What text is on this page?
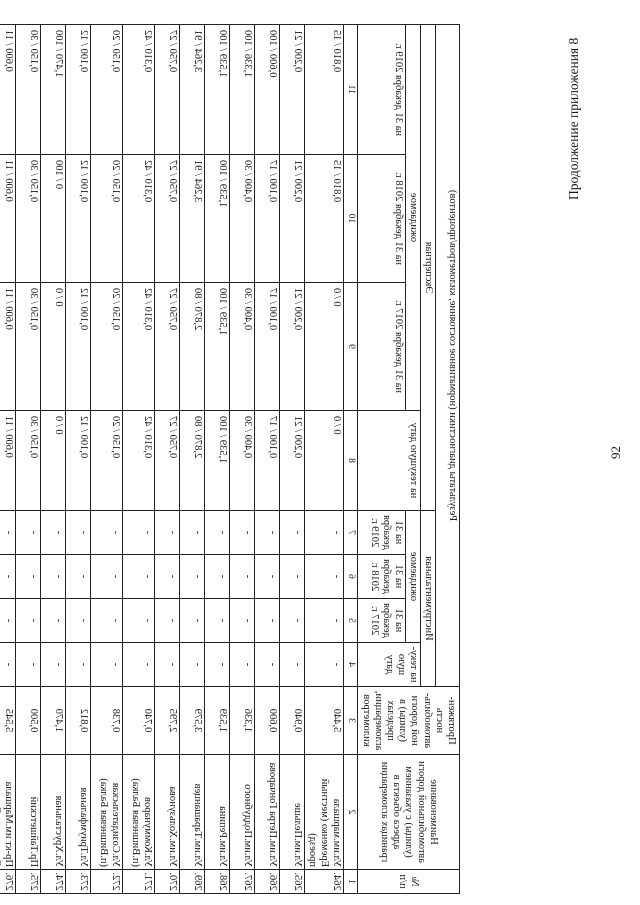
92
Продолжение приложения 8
№ п/п	Наименование автомобильной дороги (улицы) с указанием адреса объекта в границах агломерации	Протяжен-ность автомобиль-ной дороги (улицы) в пределах агломерации, километров	Результаты диагностики (нормативное состояние, километров/процентов)							
			Инструментальная				Экспертная			
			на теку-щую дату	ожидаемое			на текущую дату	ожидаемое		
				на 31 декабря 2017 г.	на 31 декабря 2018 г.	на 31 декабря 2019 г.		на 31 декабря 2017 г.	на 31 декабря 2018 г.	на 31 декабря 2019 г.
1	2	3	4	5	6	7	8	9	10	11
264.	Ул.им.маршала Еременко (местный проезд)	5,440	-	-	-	-	0 / 0	0 / 0	0,810 / 15	0,810 / 15
265.	Ул.им.Пельше	0,940	-	-	-	-	0,200 / 21	0,200 / 21	0,200 / 21	0,200 / 21
266.	Ул.им.Петра Гончарова	0,600	-	-	-	-	0,100 / 17	0,100 / 17	0,100 / 17	0,600 / 100
267.	Ул.им.Поддубного	1,336	-	-	-	-	0,400 / 30	0,400 / 30	0,400 / 30	1,336 / 100
268.	Ул.им.Репина	1,539	-	-	-	-	1,539 / 100	1,539 / 100	1,539 / 100	1,539 / 100
269.	Ул.им.Тарашанцев	3,579	-	-	-	-	2,870 / 80	2,870 / 80	3,264 / 91	3,264 / 91
270.	Ул.им.Хользунова	2,795	-	-	-	-	0,750 / 27	0,750 / 27	0,750 / 27	0,750 / 27
271.	Ул.Коммунаров (п.Вишневая Балка)	0,740	-	-	-	-	0,310 / 42	0,310 / 42	0,310 / 42	0,310 / 42
272.	Ул.Созидательская (п.Вишневая Балка)	0,738	-	-	-	-	0,150 / 20	0,150 / 20	0,150 / 20	0,150 / 20
273.	Ул.Триумфальная	0,812	-	-	-	-	0,100 / 12	0,100 / 12	0,100 / 12	0,100 / 12
274.	Ул.Хрустальная	1,470	-	-	-	-	0 / 0	0 / 0	0 / 100	1,470 / 100
275.	Пр.Тайшетский	0,500	-	-	-	-	0,150 / 30	0,150 / 30	0,150 / 30	0,150 / 30
276.	Пр-кт им.Маршала	5,545	-	-	-	-	0,600 / 11	0,600 / 11	0,600 / 11	0,600 / 11
